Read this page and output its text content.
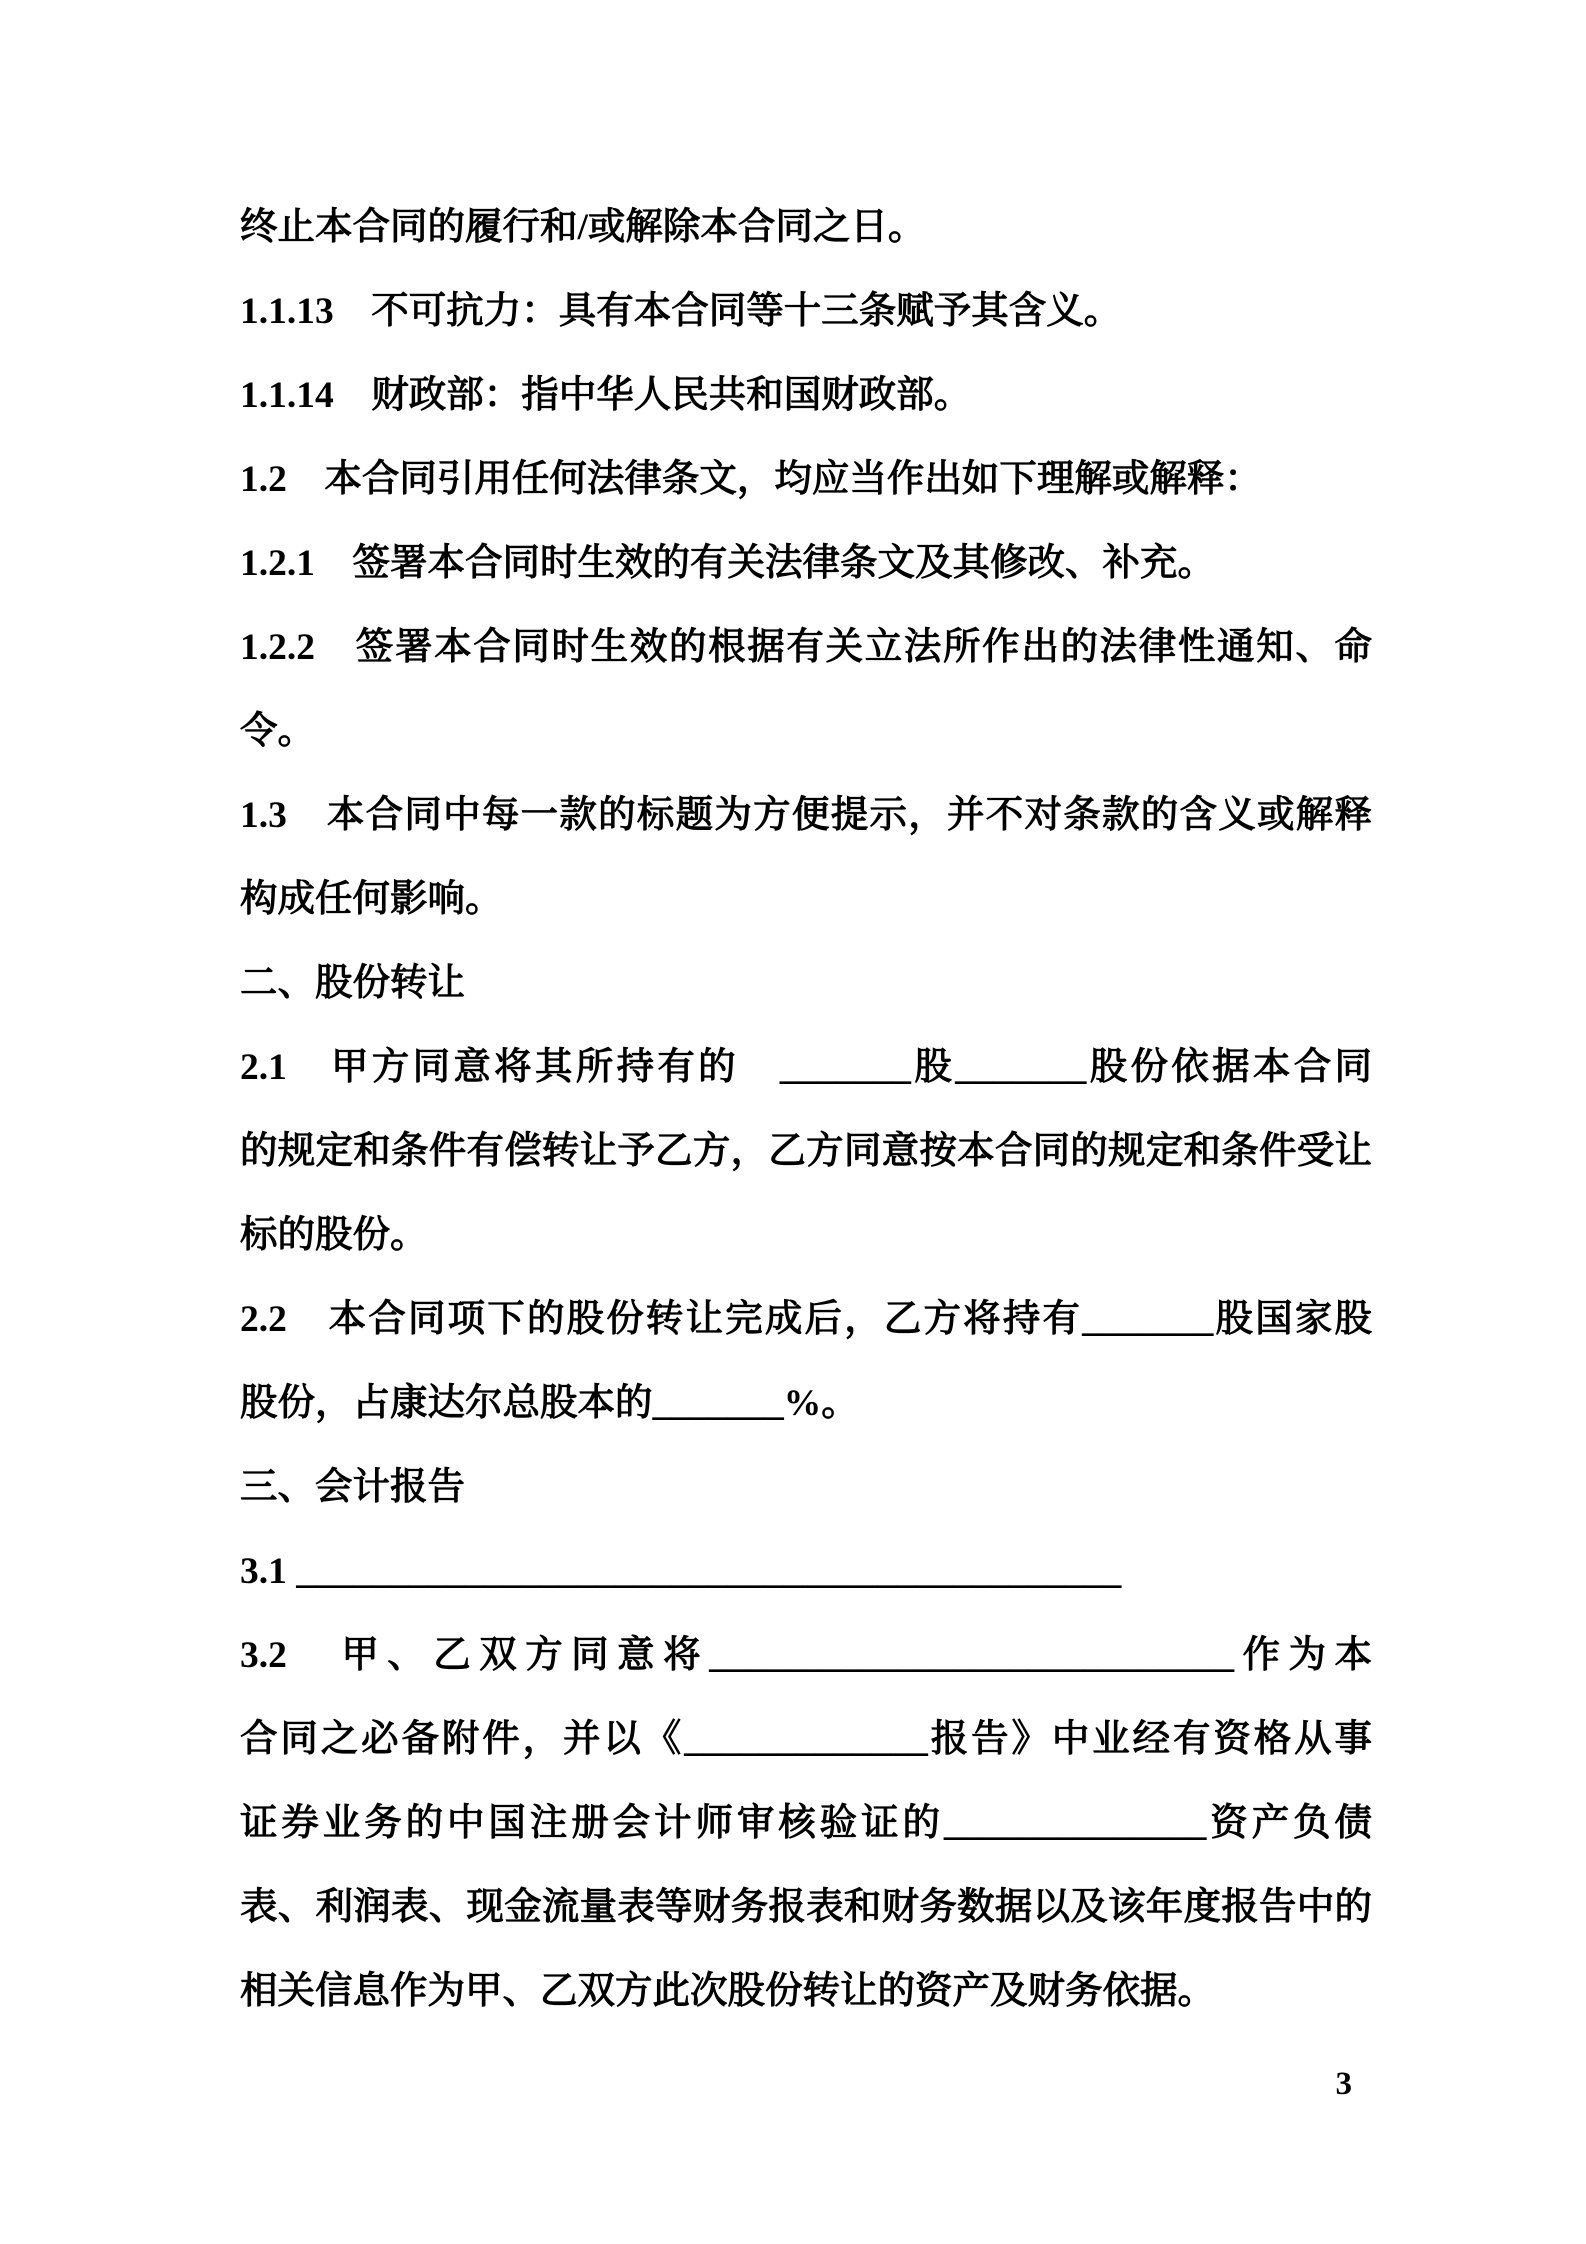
终止本合同的履行和/或解除本合同之日。
1.1.13　不可抗力：具有本合同等十三条赋予其含义。
1.1.14　财政部：指中华人民共和国财政部。
1.2　本合同引用任何法律条文，均应当作出如下理解或解释：
1.2.1　签署本合同时生效的有关法律条文及其修改、补充。
1.2.2　签署本合同时生效的根据有关立法所作出的法律性通知、命
令。
1.3　本合同中每一款的标题为方便提示，并不对条款的含义或解释
构成任何影响。
二、股份转让
2.1　甲方同意将其所持有的　_______股_______股份依据本合同
的规定和条件有偿转让予乙方，乙方同意按本合同的规定和条件受让
标的股份。
2.2　本合同项下的股份转让完成后，乙方将持有_______股国家股
股份，占康达尔总股本的_______%。
三、会计报告
3.1 ____________________________________________
3.2　甲、乙双方同意将____________________________作为本
合同之必备附件，并以《_____________报告》中业经有资格从事
证券业务的中国注册会计师审核验证的______________资产负债
表、利润表、现金流量表等财务报表和财务数据以及该年度报告中的
相关信息作为甲、乙双方此次股份转让的资产及财务依据。
3
